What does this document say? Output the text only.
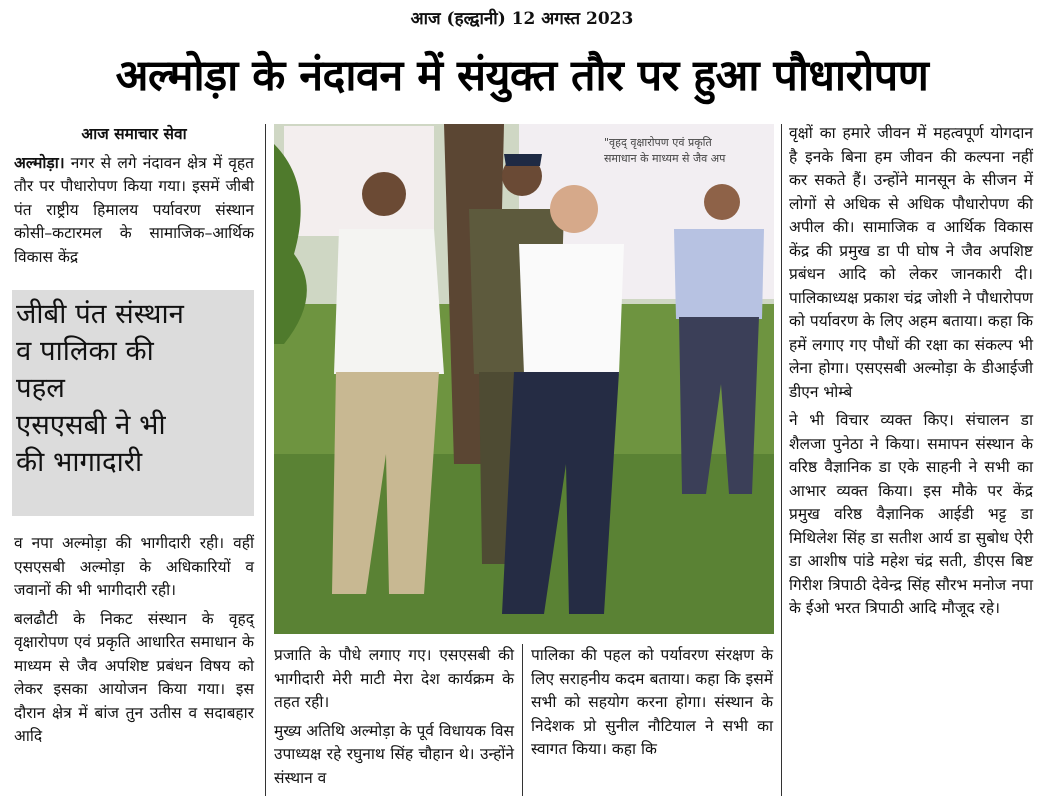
आज (हल्द्वानी) 12 अगस्त 2023
अल्मोड़ा के नंदावन में संयुक्त तौर पर हुआ पौधारोपण

आज समाचार सेवा

अल्मोड़ा। नगर से लगे नंदावन क्षेत्र में वृहत तौर पर पौधारोपण किया गया। इसमें जीबी पंत राष्ट्रीय हिमालय पर्यावरण संस्थान कोसी–कटारमल के सामाजिक–आर्थिक विकास केंद्र

जीबी पंत संस्थान
व पालिका की
पहल
एसएसबी ने भी
की भागादारी

व नपा अल्मोड़ा की भागीदारी रही। वहीं एसएसबी अल्मोड़ा के अधिकारियों व जवानों की भी भागीदारी रही।

बलढौटी के निकट संस्थान के वृहद् वृक्षारोपण एवं प्रकृति आधारित समाधान के माध्यम से जैव अपशिष्ट प्रबंधन विषय को लेकर इसका आयोजन किया गया। इस दौरान क्षेत्र में बांज तुन उतीस व सदाबहार आदि

"वृहद् वृक्षारोपण एवं प्रकृति
समाधान के माध्यम से जैव अप

प्रजाति के पौधे लगाए गए। एसएसबी की भागीदारी मेरी माटी मेरा देश कार्यक्रम के तहत रही।

मुख्य अतिथि अल्मोड़ा के पूर्व विधायक विस उपाध्यक्ष रहे रघुनाथ सिंह चौहान थे। उन्होंने संस्थान व

पालिका की पहल को पर्यावरण संरक्षण के लिए सराहनीय कदम बताया। कहा कि इसमें सभी को सहयोग करना होगा। संस्थान के निदेशक प्रो सुनील नौटियाल ने सभी का स्वागत किया। कहा कि

वृक्षों का हमारे जीवन में महत्वपूर्ण योगदान है इनके बिना हम जीवन की कल्पना नहीं कर सकते हैं। उन्होंने मानसून के सीजन में लोगों से अधिक से अधिक पौधारोपण की अपील की। सामाजिक व आर्थिक विकास केंद्र की प्रमुख डा पी घोष ने जैव अपशिष्ट प्रबंधन आदि को लेकर जानकारी दी। पालिकाध्यक्ष प्रकाश चंद्र जोशी ने पौधारोपण को पर्यावरण के लिए अहम बताया। कहा कि हमें लगाए गए पौधों की रक्षा का संकल्प भी लेना होगा। एसएसबी अल्मोड़ा के डीआईजी डीएन भोम्बे

ने भी विचार व्यक्त किए। संचालन डा शैलजा पुनेठा ने किया। समापन संस्थान के वरिष्ठ वैज्ञानिक डा एके साहनी ने सभी का आभार व्यक्त किया। इस मौके पर केंद्र प्रमुख वरिष्ठ वैज्ञानिक आईडी भट्ट डा मिथिलेश सिंह डा सतीश आर्य डा सुबोध ऐरी डा आशीष पांडे महेश चंद्र सती, डीएस बिष्ट गिरीश त्रिपाठी देवेन्द्र सिंह सौरभ मनोज नपा के ईओ भरत त्रिपाठी आदि मौजूद रहे।
